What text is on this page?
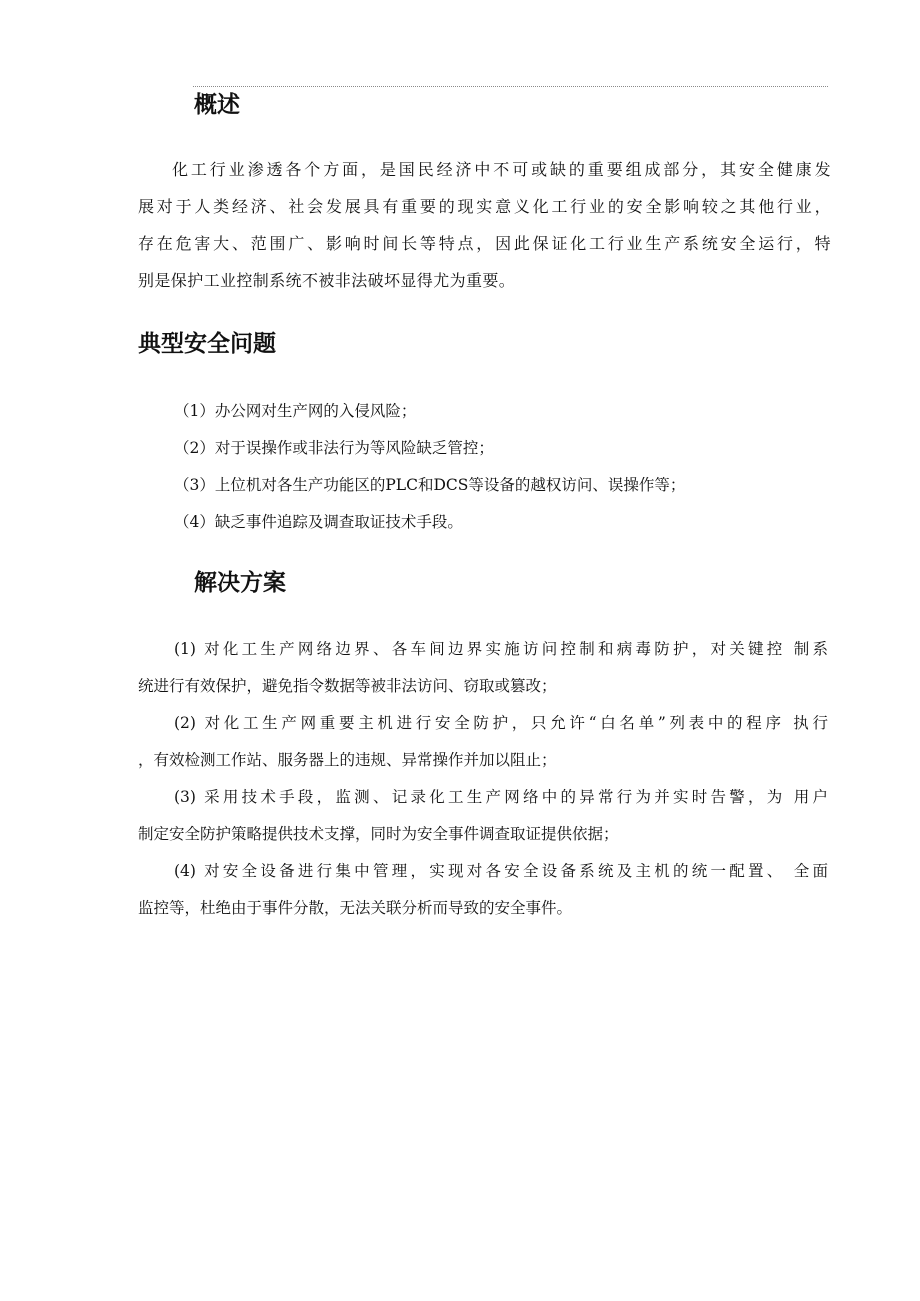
概述
化工行业渗透各个方面，是国民经济中不可或缺的重要组成部分，其安全健康发
展对于人类经济、社会发展具有重要的现实意义化工行业的安全影响较之其他行业，
存在危害大、范围广、影响时间长等特点，因此保证化工行业生产系统安全运行，特
别是保护工业控制系统不被非法破坏显得尤为重要。
典型安全问题
（1）办公网对生产网的入侵风险；
（2）对于误操作或非法行为等风险缺乏管控；
（3）上位机对各生产功能区的PLC和DCS等设备的越权访问、误操作等；
（4）缺乏事件追踪及调查取证技术手段。
解决方案
(1) 对化工生产网络边界、各车间边界实施访问控制和病毒防护，对关键控 制系
统进行有效保护，避免指令数据等被非法访问、窃取或篡改；
(2) 对化工生产网重要主机进行安全防护，只允许“白名单”列表中的程序 执行
，有效检测工作站、服务器上的违规、异常操作并加以阻止；
(3) 采用技术手段，监测、记录化工生产网络中的异常行为并实时告警，为 用户
制定安全防护策略提供技术支撑，同时为安全事件调查取证提供依据；
(4) 对安全设备进行集中管理，实现对各安全设备系统及主机的统一配置、 全面
监控等，杜绝由于事件分散，无法关联分析而导致的安全事件。
